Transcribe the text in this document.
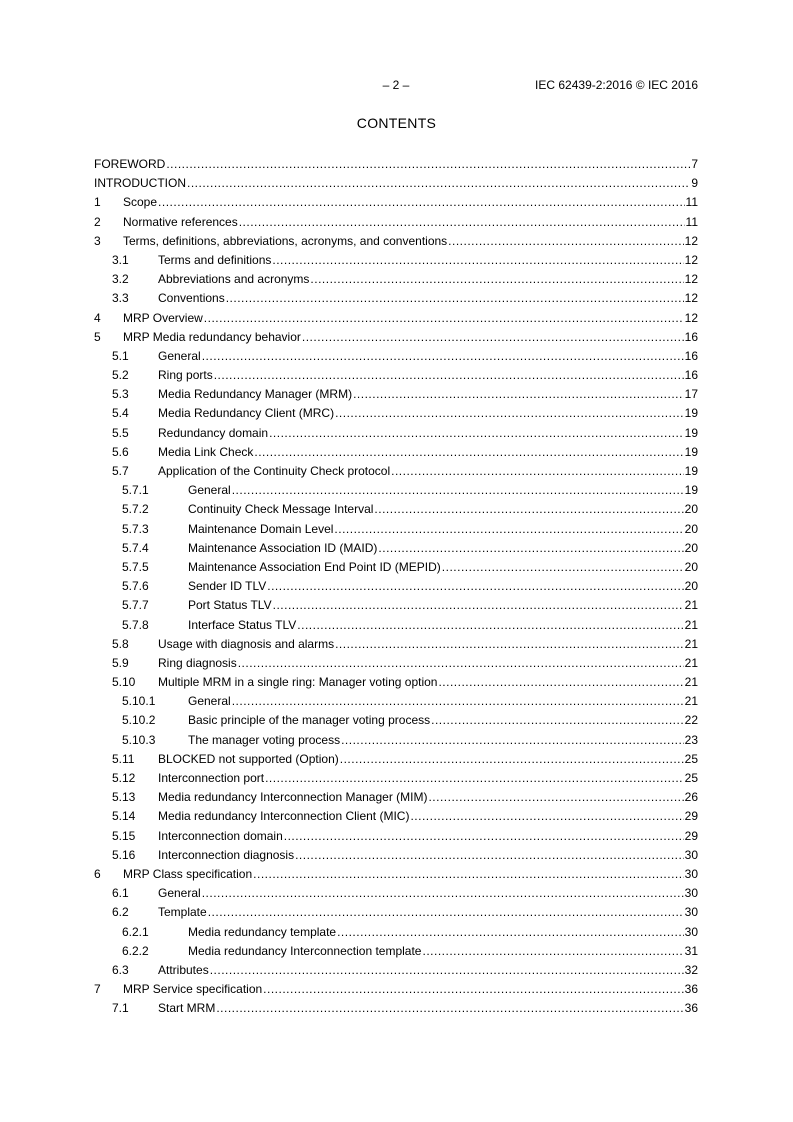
– 2 –	IEC 62439-2:2016 © IEC 2016
CONTENTS
FOREWORD .....	7
INTRODUCTION .....	9
1	Scope .....	11
2	Normative references .....	11
3	Terms, definitions, abbreviations, acronyms, and conventions .....	12
3.1	Terms and definitions .....	12
3.2	Abbreviations and acronyms .....	12
3.3	Conventions .....	12
4	MRP Overview .....	12
5	MRP Media redundancy behavior .....	16
5.1	General .....	16
5.2	Ring ports .....	16
5.3	Media Redundancy Manager (MRM) .....	17
5.4	Media Redundancy Client (MRC) .....	19
5.5	Redundancy domain .....	19
5.6	Media Link Check .....	19
5.7	Application of the Continuity Check protocol .....	19
5.7.1	General .....	19
5.7.2	Continuity Check Message Interval .....	20
5.7.3	Maintenance Domain Level .....	20
5.7.4	Maintenance Association ID (MAID) .....	20
5.7.5	Maintenance Association End Point ID (MEPID) .....	20
5.7.6	Sender ID TLV .....	20
5.7.7	Port Status TLV .....	21
5.7.8	Interface Status TLV .....	21
5.8	Usage with diagnosis and alarms .....	21
5.9	Ring diagnosis .....	21
5.10	Multiple MRM in a single ring: Manager voting option .....	21
5.10.1	General .....	21
5.10.2	Basic principle of the manager voting process .....	22
5.10.3	The manager voting process .....	23
5.11	BLOCKED not supported (Option) .....	25
5.12	Interconnection port .....	25
5.13	Media redundancy Interconnection Manager (MIM) .....	26
5.14	Media redundancy Interconnection Client (MIC) .....	29
5.15	Interconnection domain .....	29
5.16	Interconnection diagnosis .....	30
6	MRP Class specification .....	30
6.1	General .....	30
6.2	Template .....	30
6.2.1	Media redundancy template .....	30
6.2.2	Media redundancy Interconnection template .....	31
6.3	Attributes .....	32
7	MRP Service specification .....	36
7.1	Start MRM .....	36
